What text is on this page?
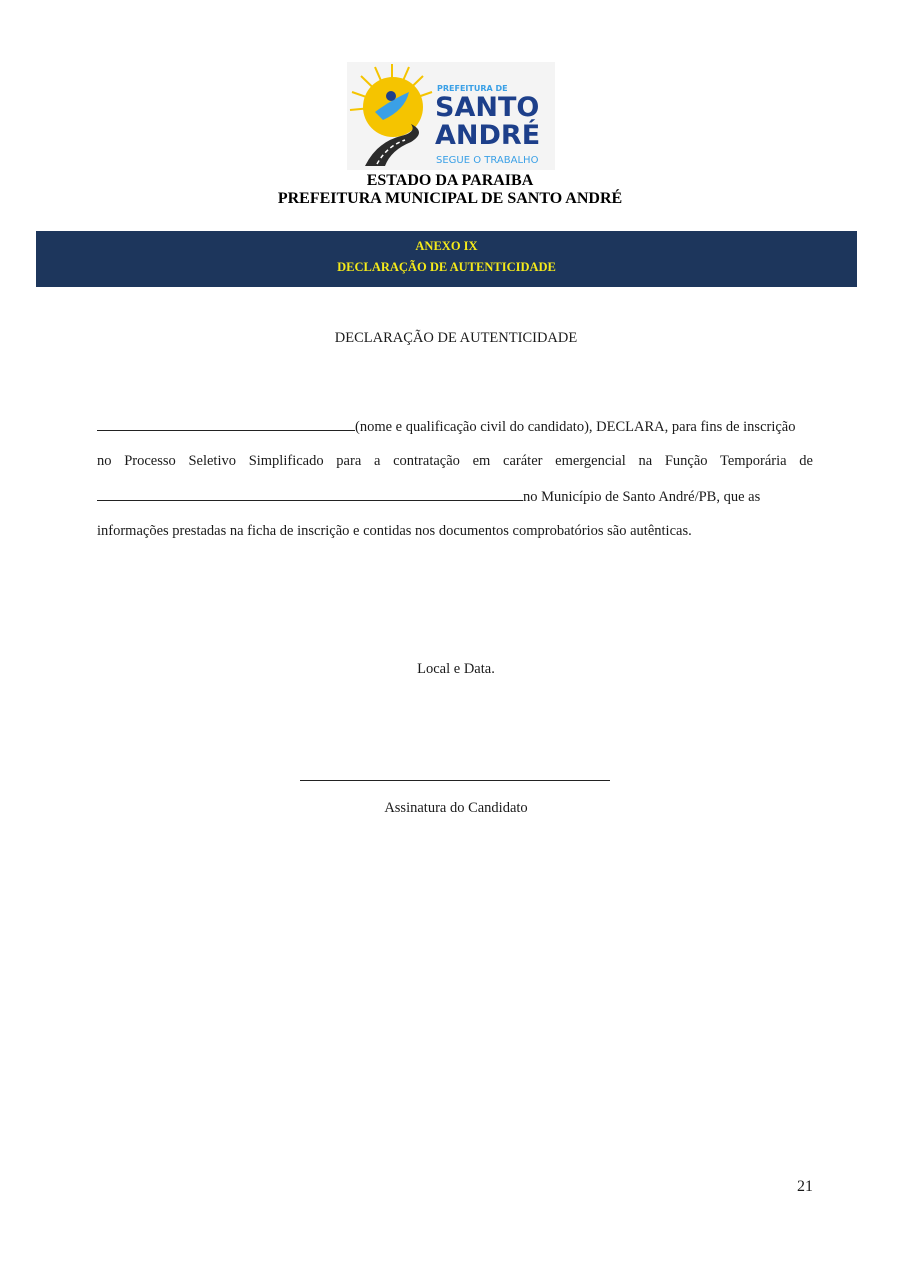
PREFEITURA DE
SANTO
ANDRÉ
SEGUE O TRABALHO
ESTADO DA PARAIBA
PREFEITURA MUNICIPAL DE SANTO ANDRÉ
ANEXO IX
DECLARAÇÃO DE AUTENTICIDADE
DECLARAÇÃO DE AUTENTICIDADE
(nome e qualificação civil do candidato), DECLARA, para fins de inscrição
no Processo Seletivo Simplificado para a contratação em caráter emergencial na Função Temporária de
no Município de Santo André/PB, que as
informações prestadas na ficha de inscrição e contidas nos documentos comprobatórios são autênticas.
Local e Data.
Assinatura do Candidato
21
